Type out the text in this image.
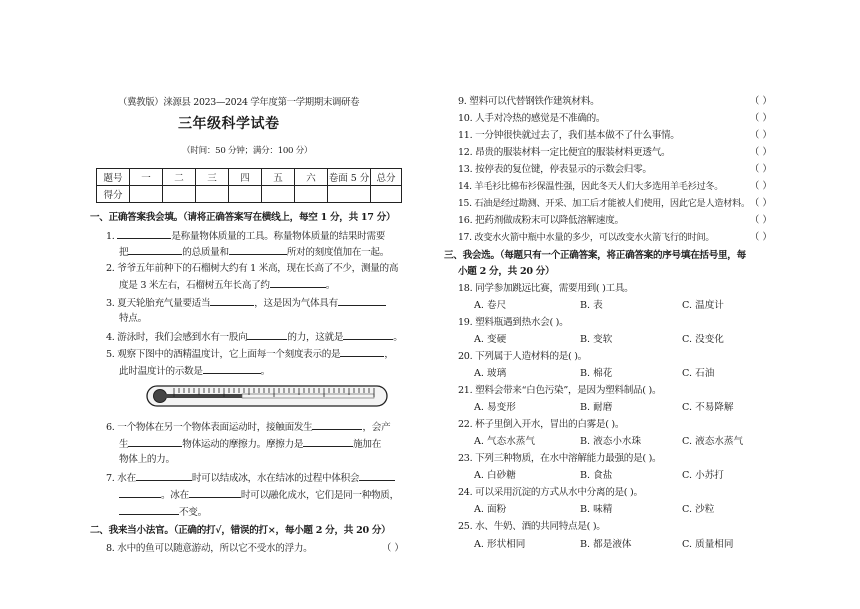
（冀教版）涞源县 2023—2024 学年度第一学期期末调研卷
三年级科学试卷
（时间：50 分钟；满分：100 分）
题号	一	二	三	四	五	六	卷面 5 分	总分
得分								
一、正确答案我会填。（请将正确答案写在横线上，每空 1 分，共 17 分）
1.	是称量物体质量的工具。称量物体质量的结果时需要
把	的总质量和	所对的刻度值加在一起。
2. 爷爷五年前种下的石榴树大约有 1 米高，现在长高了不少，测量的高
度是 3 米左右，石榴树五年长高了约	。
3. 夏天轮胎充气量要适当	，这是因为气体具有
特点。
4. 游泳时，我们会感到水有一股向	的力，这就是	。
5. 观察下图中的酒精温度计，它上面每一个刻度表示的是	，
此时温度计的示数是	。
6. 一个物体在另一个物体表面运动时，接触面发生	，会产
生	物体运动的摩擦力。摩擦力是	施加在
物体上的力。
7. 水在	时可以结成冰，水在结冰的过程中体积会
。冰在	时可以融化成水，它们是同一种物质，
不变。
二、我来当小法官。（正确的打√，错误的打×，每小题 2 分，共 20 分）
8. 水中的鱼可以随意游动，所以它不受水的浮力。	（ ）
9. 塑料可以代替钢铁作建筑材料。	（ ）
10. 人手对冷热的感觉是不准确的。	（ ）
11. 一分钟很快就过去了，我们基本做不了什么事情。	（ ）
12. 昂贵的服装材料一定比便宜的服装材料更透气。	（ ）
13. 按停表的复位键，停表显示的示数会归零。	（ ）
14. 羊毛衫比棉布衫保温性强，因此冬天人们大多选用羊毛衫过冬。	（ ）
15. 石油是经过勘测、开采、加工后才能被人们使用，因此它是人造材料。 （ ）
16. 把药剂做成粉末可以降低溶解速度。	（ ）
17. 改变水火箭中瓶中水量的多少，可以改变水火箭飞行的时间。	（ ）
三、我会选。（每题只有一个正确答案，将正确答案的序号填在括号里，每
小题 2 分，共 20 分）
18. 同学参加跳远比赛，需要用到( )工具。
A. 卷尺	B. 表	C. 温度计
19. 塑料瓶遇到热水会( )。
A. 变硬	B. 变软	C. 没变化
20. 下列属于人造材料的是( )。
A. 玻璃	B. 棉花	C. 石油
21. 塑料会带来“白色污染”，是因为塑料制品( )。
A. 易变形	B. 耐磨	C. 不易降解
22. 杯子里倒入开水，冒出的白雾是( )。
A. 气态水蒸气	B. 液态小水珠	C. 液态水蒸气
23. 下列三种物质，在水中溶解能力最强的是( )。
A. 白砂糖	B. 食盐	C. 小苏打
24. 可以采用沉淀的方式从水中分离的是( )。
A. 面粉	B. 味精	C. 沙粒
25. 水、牛奶、酒的共同特点是( )。
A. 形状相同	B. 都是液体	C. 质量相同
